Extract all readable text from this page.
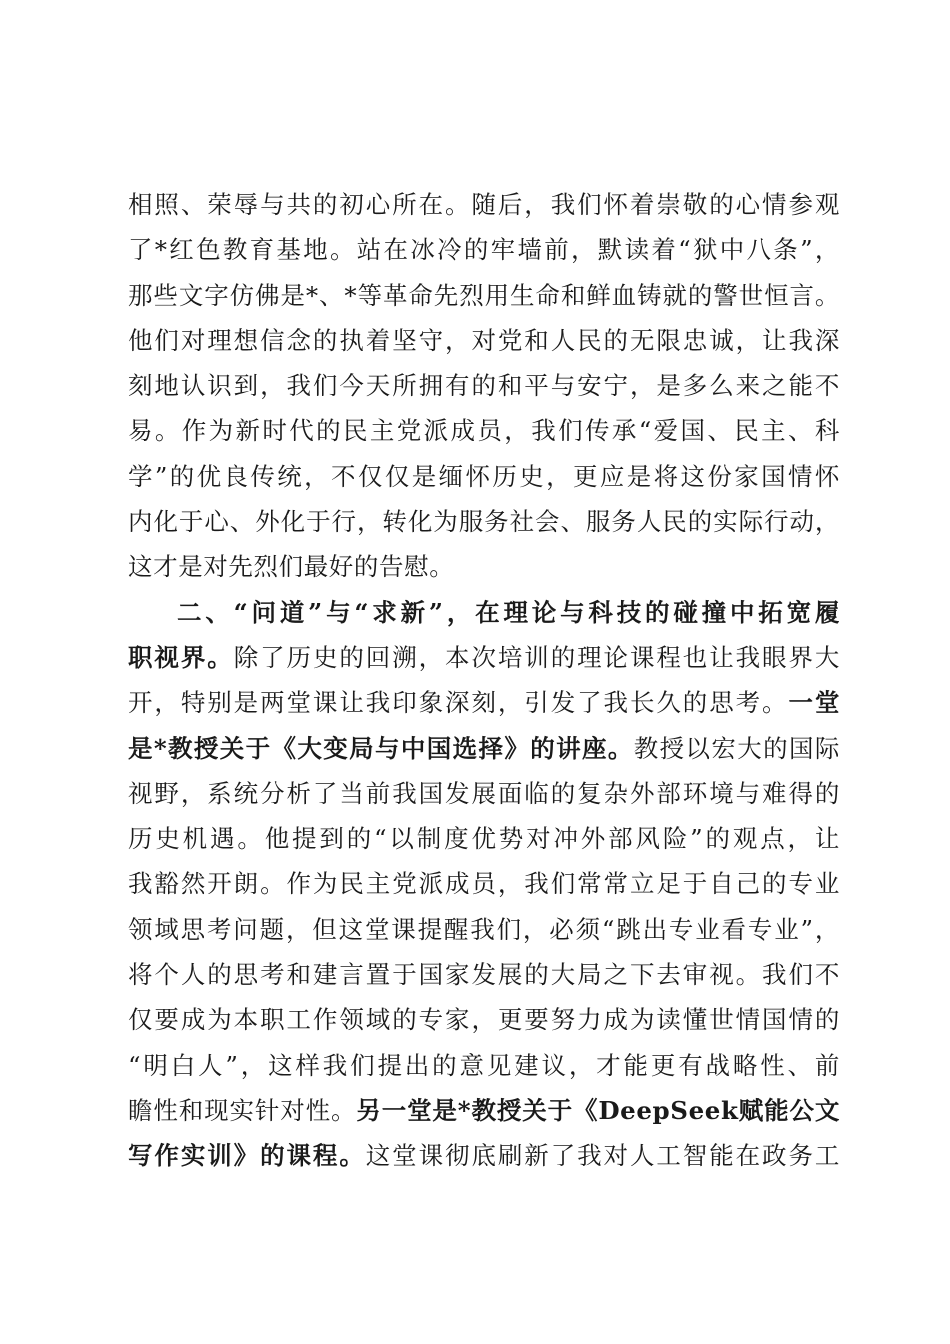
相照、荣辱与共的初心所在。随后，我们怀着崇敬的心情参观
了*红色教育基地。站在冰冷的牢墙前，默读着“狱中八条”，
那些文字仿佛是*、*等革命先烈用生命和鲜血铸就的警世恒言。
他们对理想信念的执着坚守，对党和人民的无限忠诚，让我深
刻地认识到，我们今天所拥有的和平与安宁，是多么来之能不
易。作为新时代的民主党派成员，我们传承“爱国、民主、科
学”的优良传统，不仅仅是缅怀历史，更应是将这份家国情怀
内化于心、外化于行，转化为服务社会、服务人民的实际行动，
这才是对先烈们最好的告慰。
二、“问道”与“求新”，在理论与科技的碰撞中拓宽履
职视界。除了历史的回溯，本次培训的理论课程也让我眼界大
开，特别是两堂课让我印象深刻，引发了我长久的思考。一堂
是*教授关于《大变局与中国选择》的讲座。教授以宏大的国际
视野，系统分析了当前我国发展面临的复杂外部环境与难得的
历史机遇。他提到的“以制度优势对冲外部风险”的观点，让
我豁然开朗。作为民主党派成员，我们常常立足于自己的专业
领域思考问题，但这堂课提醒我们，必须“跳出专业看专业”，
将个人的思考和建言置于国家发展的大局之下去审视。我们不
仅要成为本职工作领域的专家，更要努力成为读懂世情国情的
“明白人”，这样我们提出的意见建议，才能更有战略性、前
瞻性和现实针对性。另一堂是*教授关于《DeepSeek赋能公文
写作实训》的课程。这堂课彻底刷新了我对人工智能在政务工
